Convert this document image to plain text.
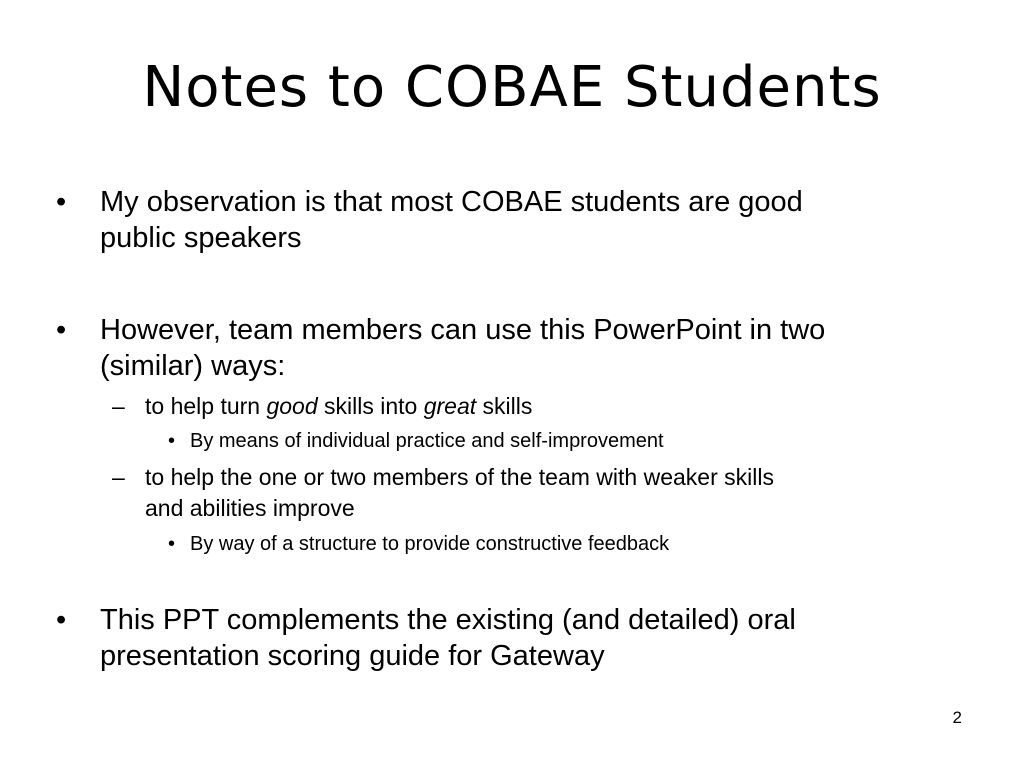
Notes to COBAE Students
•	My observation is that most COBAE students are good
public speakers
•	However, team members can use this PowerPoint in two
(similar) ways:
– to help turn good skills into great skills
• By means of individual practice and self-improvement
– to help the one or two members of the team with weaker skills
and abilities improve
• By way of a structure to provide constructive feedback
•	This PPT complements the existing (and detailed) oral
presentation scoring guide for Gateway
2
